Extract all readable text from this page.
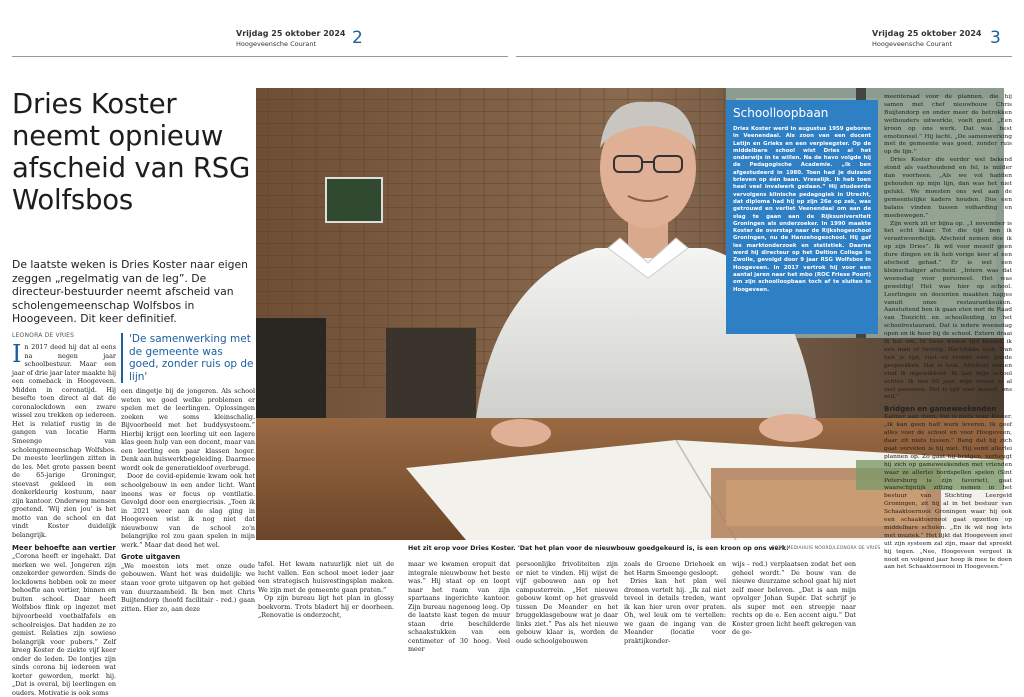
Vrijdag 25 oktober 2024
Hoogeveensche Courant 2	Vrijdag 25 oktober 2024
Hoogeveensche Courant 3
Dries Koster neemt opnieuw afscheid van RSG Wolfsbos
De laatste weken is Dries Koster naar eigen zeggen „regelmatig van de leg”. De directeur-bestuurder neemt afscheid van scholengemeenschap Wolfsbos in Hoogeveen. Dit keer definitief.
LEONORA DE VRIES
I n 2017 deed hij dat al eens na negen jaar schoolbestuur. Maar een jaar of drie jaar later maakte hij een comeback in Hoogeveen. Midden in coronatijd. Hij besefte toen direct al dat de coronalockdown een zware wissel zou trekken op iedereen. Het is relatief rustig in de gangen van locatie Harm Smeenge van scholengemeenschap Wolfsbos. De meeste leerlingen zitten in de les. Met grote passen beent de 65-jarige Groninger, steevast gekleed in een donkerkleurig kostuum, naar zijn kantoor. Onderweg mensen groetend. 'Wij zien jou' is het motto van de school en dat vindt Koster duidelijk belangrijk.
Meer behoefte aan vertier
„Corona heeft er ingehakt. Dat merken we wel. Jongeren zijn onzekerder geworden. Sinds de lockdowns hebben ook ze meer behoefte aan vertier, binnen en buiten school. Daar heeft Wolfsbos flink op ingezet met bijvoorbeeld voetbalfafels en schoolreisjes. Dat hadden ze zo gemist. Relaties zijn sowieso belangrijk voor pubers.” Zelf kreeg Koster de ziekte vijf keer onder de leden. De lontjes zijn sinds corona bij iedereen wat korter geworden, merkt hij. „Dat is overal, bij leerlingen en ouders. Motivatie is ook soms
'De samenwerking met de gemeente was goed, zonder ruis op de lijn'

een dingetje bij de jongeren. Als school weten we goed welke problemen er spelen met de leerlingen. Oplossingen zoeken we soms kleinschalig. Bijvoorbeeld met het buddysysteem.” Hierbij krijgt een leerling uit een lagere klas geen hulp van een docent, maar van een leerling een paar klassen hoger. Denk aan huiswerkbegeleiding. Daarmee wordt ook de generatiekloof overbrugd.

Door de covid-epidemie kwam ook het schoolgebouw in een ander licht. Want ineens was er focus op ventilatie. Gevolgd door een energiecrisis. „Toen ik in 2021 weer aan de slag ging in Hoogeveen wist ik nog niet dat nieuwbouw van de school zo'n belangrijke rol zou gaan spelen in mijn werk.” Maar dat deed het wel.

Grote uitgaven

„We moesten iets met onze oude gebouwen. Want het was duidelijk: we staan voor grote uitgaven op het gebied van duurzaamheid. Ik ben met Chris Buijtendorp (hoofd facilitair - red.) gaan zitten. Hier zo, aan deze

Schoolloopbaan
Dries Koster werd in augustus 1959 geboren in Veenendaal. Als zoon van een docent Latijn en Grieks en een verpleegster. Op de middelbare school wist Dries al het onderwijs in te willen. Na de havo volgde hij de Pedagogische Academie. „Ik ben afgestudeerd in 1980. Toen had je duizend brieven op één baan. Vreselijk. Ik heb toen heel veel invalwerk gedaan.” Hij studeerde vervolgens klinische pedagogiek in Utrecht, dat diploma had hij op zijn 26e op zak, was getrouwd en verliet Veenendaal om aan de slag te gaan aan de Rijksuniversiteit Groningen als onderzoeker. In 1990 maakte Koster de overstap naar de Rijkshogeschool Groningen, nu de Hanzehogeschool. Hij gaf les marktonderzoek en statistiek. Daarna werd hij directeur op het Deltion College in Zwolle, gevolgd door 9 jaar RSG Wolfsbos in Hoogeveen. In 2017 vertrok hij voor een aantal jaren naar het mbo (ROC Friese Poort) om zijn schoolloopbaan toch af te sluiten in Hoogeveen.
Het zit erop voor Dries Koster. 'Dat het plan voor de nieuwbouw goedgekeurd is, is een kroon op ons werk.'
FOTO MEDIAHUIS NOORD/LEONORA DE VRIES

tafel. Het kwam natuurlijk niet uit de lucht vallen. Een school moet ieder jaar een strategisch huisvestingsplan maken. We zijn met de gemeente gaan praten.”

Op zijn bureau ligt het plan in glossy boekvorm. Trots bladert hij er doorheen. „Renovatie is onderzocht,

maar we kwamen eropuit dat integrale nieuwbouw het beste was.” Hij staat op en loopt naar het raam van zijn spartaans ingerichte kantoor. Zijn bureau nagenoeg leeg. Op de laatste kast tegen de muur staan drie beschilderde schaakstukken van een centimeter of 30 hoog. Veel meer

persoonlijke frivoliteiten zijn er niet te vinden. Hij wijst de vijf gebouwen aan op het campusterrein. „Het nieuwe gebouw komt op het grasveld tussen De Meander en het bruggeklasgebouw wat je daar links ziet.” Pas als het nieuwe gebouw klaar is, worden de oude schoolgebouwen

zoals de Groene Driehoek en het Harm Smeenge gesloopt.

Dries kan het plan wel dromen vertelt hij. „Ik zal niet teveel in details treden, want ik kan hier uren over praten. Oh, wel leuk om te vertellen: we gaan de ingang van de Meander (locatie voor praktijkonder-

wijs - red.) verplaatsen zodat het een geheel wordt.” De bouw van de nieuwe duurzame school gaat hij niet zelf meer beleven. „Dat is aan mijn opvolger Johan Supér. Dat schrijf je als super met een streepje naar rechts op de e. Een accent aigu.” Dat Koster groen licht heeft gekregen van de ge-

meenteraad voor de plannen, die hij samen met chef nieuwbouw Chris Buijtendorp en onder meer de betrokken wethouders uitwerkte, voelt goed. „Een kroon op ons werk. Dat was best emotioneel.” Hij lacht. „De samenwerking met de gemeente was goed, zonder ruis op de lijn.”

Dries Koster die eerder wel bekend stond als vasthoudend en fel, is milder dan voorheen. „Als we vol hadden gehouden op mijn lijn, dan was het niet gelukt. We moesten ons wel aan de gemeentelijke kaders houden. Dus een balans vinden tussen volharding en meebewegen.”

Zijn werk zit er bijna op. „1 november is het echt klaar. Tot die tijd ben ik verantwoordelijk. Afscheid nemen doe ik op zijn Dries”. Ik wil voor mezelf geen dure dingen en ik heb vorige keer al een afscheid gehad.” Er is wel een kleinschaliger afscheid. „Intern was dat woensdag voor personeel. Het was geweldig! Het was hier op school. Leerlingen en docenten maakten hapjes vanuit onze restaurantkeuken. Aansluitend ben ik gaan eten met de Raad van Toezicht en schoolleiding in het schoolrestaurant. Dat is iedere woensdag open en ik hoor bij de school. Extern draai ik het om. In twee weken tijd bezoek ik een man of twintig. Hartstikke leuk. Dan heb je tijd, rust en ruimte voor goede gesprekken. Dat is leuk. Afscheid nemen vind ik ingewikkeld. Ik laat mijn school achter. Ik ben 65 jaar, mijn vrouw is al met pensioen. Het is tijd voor mezelf, ons zelf.”

Bridgen en gameweekenden

Kalmer aan doen, het is niets voor Koster. „Ik kan geen half werk leveren. Ik geef alles voor de school en voor Hoogeveen, daar zit niets tussen.” Bang dat hij zich gaat vervelen is hij niet. Hij somt allerlei plannen op. Zo gaat hij bridgen, verheugt hij zich op gameweekenden met vrienden waar ze allerlei bordspellen spelen (Sint Petersburg is zijn favoriet), gaat waarschijnlijk zitting nemen in het bestuur van Stichting Leergeld Groningen, zit hij al in het bestuur van Schaaktoernooi Groningen waar hij ook een schaaktoernooi gaat opzetten op middelbare scholen. „En ik wil nog iets met muziek.” Het lijkt dat Hoogeveen snel uit zijn systeem zal zijn, maar dat spreekt hij tegen. „Nee, Hoogeveen vergeet ik nooit en volgend jaar hoop ik mee te doen aan het Schaaktoernooi in Hoogeveen.”
